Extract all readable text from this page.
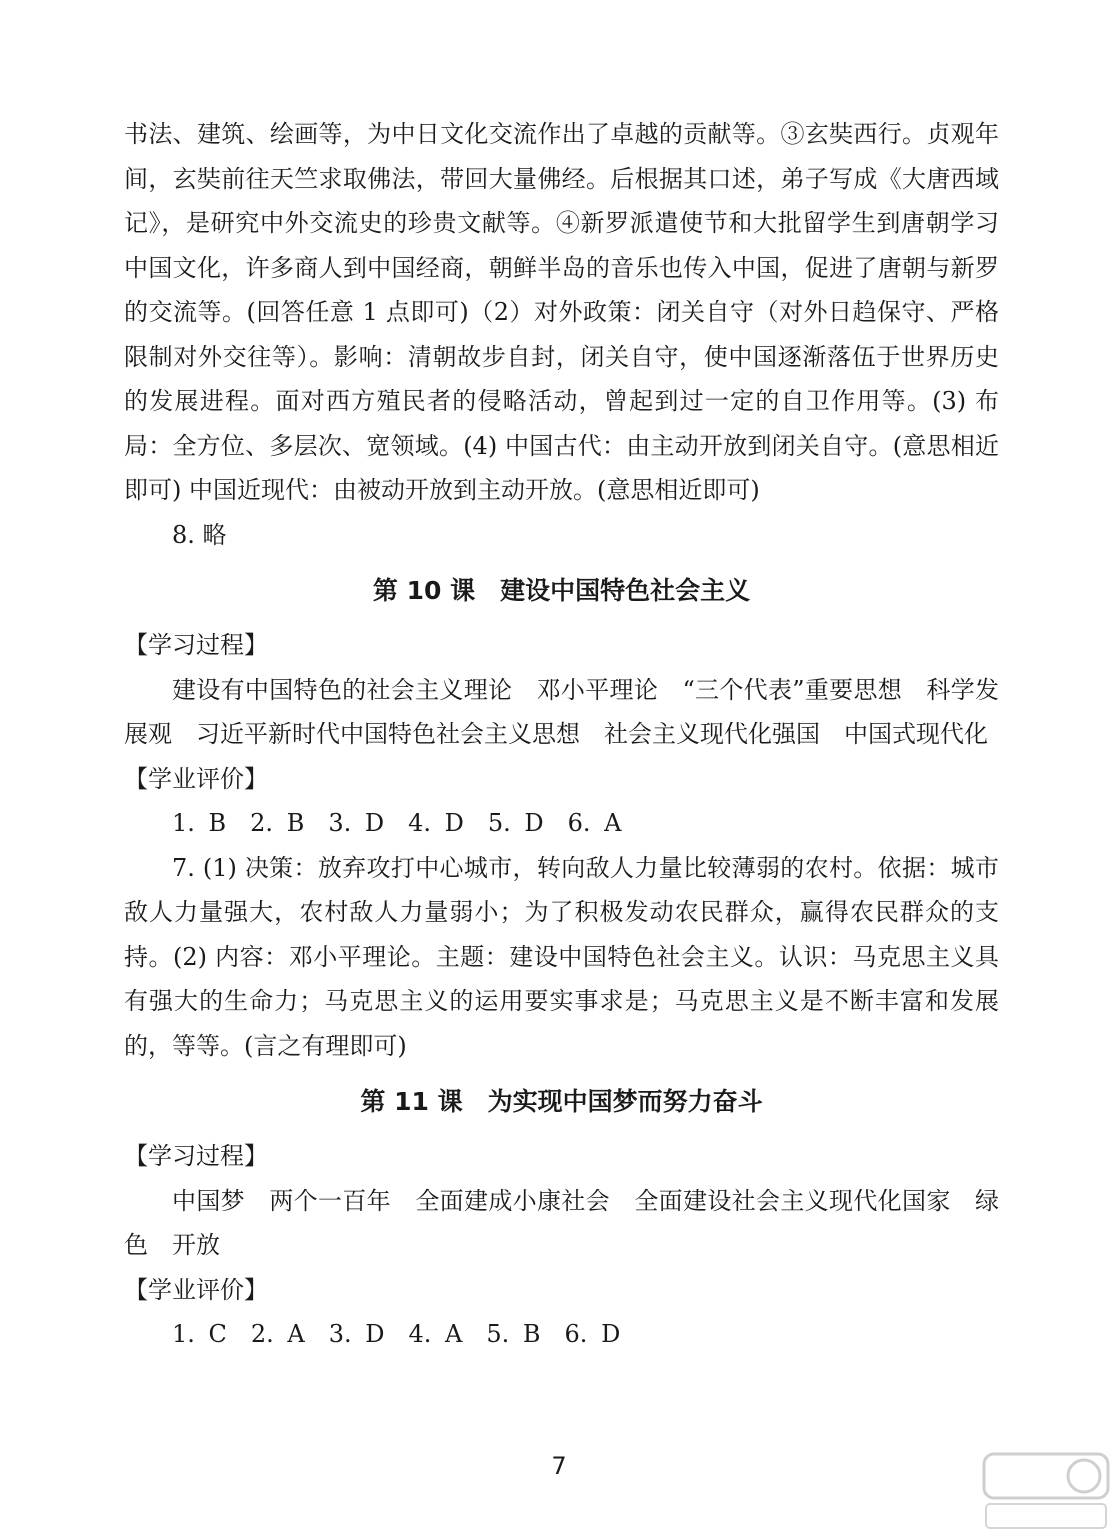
书法、建筑、绘画等，为中日文化交流作出了卓越的贡献等。③玄奘西行。贞观年间，玄奘前往天竺求取佛法，带回大量佛经。后根据其口述，弟子写成《大唐西域记》，是研究中外交流史的珍贵文献等。④新罗派遣使节和大批留学生到唐朝学习中国文化，许多商人到中国经商，朝鲜半岛的音乐也传入中国，促进了唐朝与新罗的交流等。(回答任意 1 点即可)（2）对外政策：闭关自守（对外日趋保守、严格限制对外交往等）。影响：清朝故步自封，闭关自守，使中国逐渐落伍于世界历史的发展进程。面对西方殖民者的侵略活动，曾起到过一定的自卫作用等。(3) 布局：全方位、多层次、宽领域。(4) 中国古代：由主动开放到闭关自守。(意思相近即可) 中国近现代：由被动开放到主动开放。(意思相近即可)

8. 略

第 10 课　建设中国特色社会主义

【学习过程】

建设有中国特色的社会主义理论　邓小平理论　“三个代表”重要思想　科学发展观　习近平新时代中国特色社会主义思想　社会主义现代化强国　中国式现代化

【学业评价】

1. B　2. B　3. D　4. D　5. D　6. A

7. (1) 决策：放弃攻打中心城市，转向敌人力量比较薄弱的农村。依据：城市敌人力量强大，农村敌人力量弱小；为了积极发动农民群众，赢得农民群众的支持。(2) 内容：邓小平理论。主题：建设中国特色社会主义。认识：马克思主义具有强大的生命力；马克思主义的运用要实事求是；马克思主义是不断丰富和发展的，等等。(言之有理即可)

第 11 课　为实现中国梦而努力奋斗

【学习过程】

中国梦　两个一百年　全面建成小康社会　全面建设社会主义现代化国家　绿色　开放

【学业评价】

1. C　2. A　3. D　4. A　5. B　6. D

7
